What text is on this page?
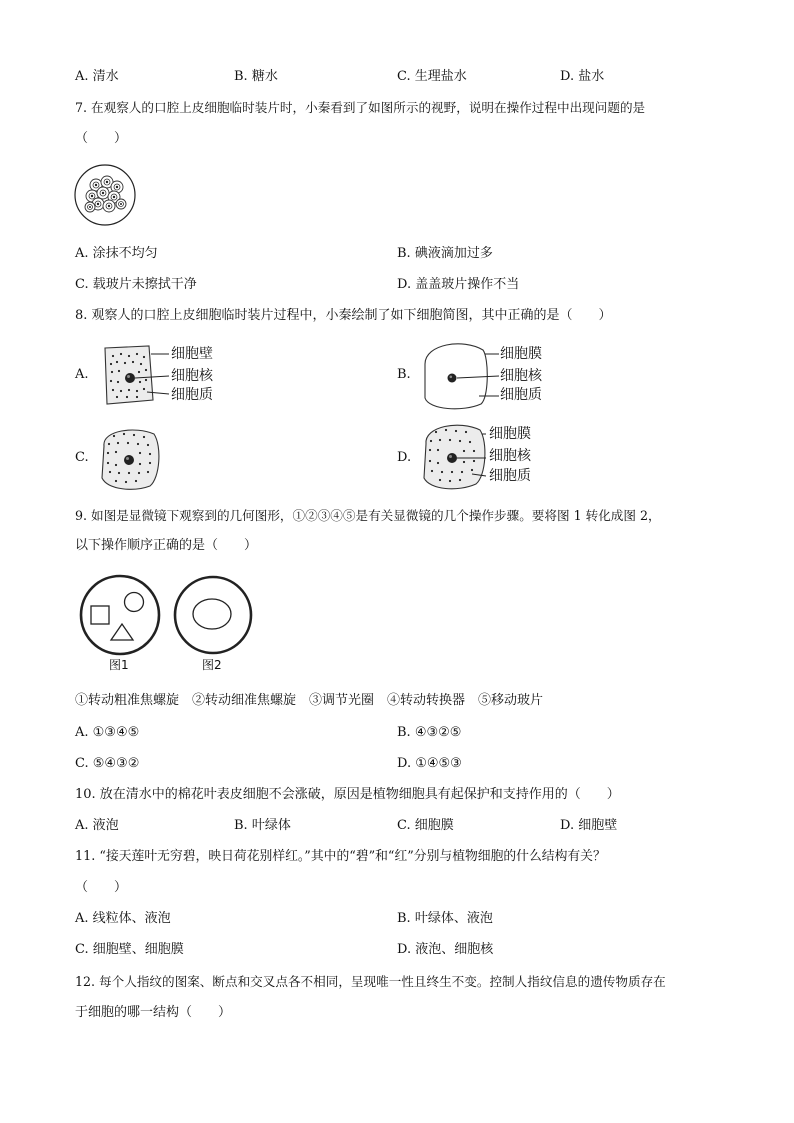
A. 清水	B. 糖水	C. 生理盐水	D. 盐水
7. 在观察人的口腔上皮细胞临时装片时，小秦看到了如图所示的视野，说明在操作过程中出现问题的是
（　　）
A. 涂抹不均匀	B. 碘液滴加过多
C. 载玻片未擦拭干净	D. 盖盖玻片操作不当
8. 观察人的口腔上皮细胞临时装片过程中，小秦绘制了如下细胞简图，其中正确的是（　　）
A.
细胞壁
细胞核
细胞质
B.
细胞膜
细胞核
细胞质
C.	D.
细胞膜
细胞核
细胞质
9. 如图是显微镜下观察到的几何图形，①②③④⑤是有关显微镜的几个操作步骤。要将图 1 转化成图 2，
以下操作顺序正确的是（　　）
图1	图2
①转动粗准焦螺旋　②转动细准焦螺旋　③调节光圈　④转动转换器　⑤移动玻片
A. ①③④⑤	B. ④③②⑤
C. ⑤④③②	D. ①④⑤③
10. 放在清水中的棉花叶表皮细胞不会涨破，原因是植物细胞具有起保护和支持作用的（　　）
A. 液泡	B. 叶绿体	C. 细胞膜	D. 细胞壁
11. “接天莲叶无穷碧，映日荷花别样红。”其中的“碧”和“红”分别与植物细胞的什么结构有关？
（　　）
A. 线粒体、液泡	B. 叶绿体、液泡
C. 细胞壁、细胞膜	D. 液泡、细胞核
12. 每个人指纹的图案、断点和交叉点各不相同，呈现唯一性且终生不变。控制人指纹信息的遗传物质存在
于细胞的哪一结构（　　）
